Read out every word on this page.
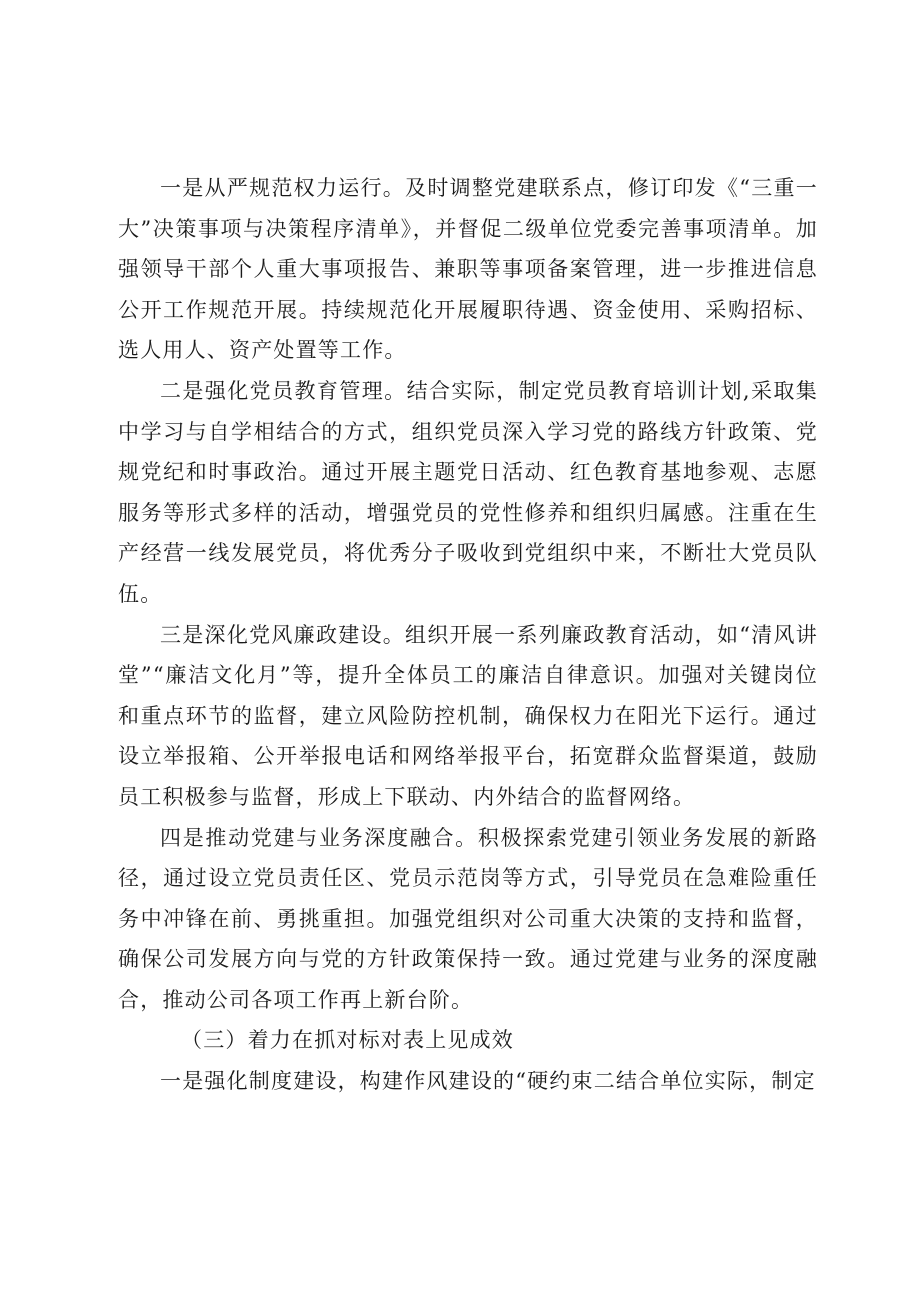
一是从严规范权力运行。及时调整党建联系点，修订印发《“三重一大”决策事项与决策程序清单》，并督促二级单位党委完善事项清单。加强领导干部个人重大事项报告、兼职等事项备案管理，进一步推进信息公开工作规范开展。持续规范化开展履职待遇、资金使用、采购招标、选人用人、资产处置等工作。

二是强化党员教育管理。结合实际，制定党员教育培训计划,采取集中学习与自学相结合的方式，组织党员深入学习党的路线方针政策、党规党纪和时事政治。通过开展主题党日活动、红色教育基地参观、志愿服务等形式多样的活动，增强党员的党性修养和组织归属感。注重在生产经营一线发展党员，将优秀分子吸收到党组织中来，不断壮大党员队伍。

三是深化党风廉政建设。组织开展一系列廉政教育活动，如“清风讲堂”“廉洁文化月”等，提升全体员工的廉洁自律意识。加强对关键岗位和重点环节的监督，建立风险防控机制，确保权力在阳光下运行。通过设立举报箱、公开举报电话和网络举报平台，拓宽群众监督渠道，鼓励员工积极参与监督，形成上下联动、内外结合的监督网络。

四是推动党建与业务深度融合。积极探索党建引领业务发展的新路径，通过设立党员责任区、党员示范岗等方式，引导党员在急难险重任务中冲锋在前、勇挑重担。加强党组织对公司重大决策的支持和监督，确保公司发展方向与党的方针政策保持一致。通过党建与业务的深度融合，推动公司各项工作再上新台阶。

（三）着力在抓对标对表上见成效

一是强化制度建设，构建作风建设的“硬约束二结合单位实际，制定
